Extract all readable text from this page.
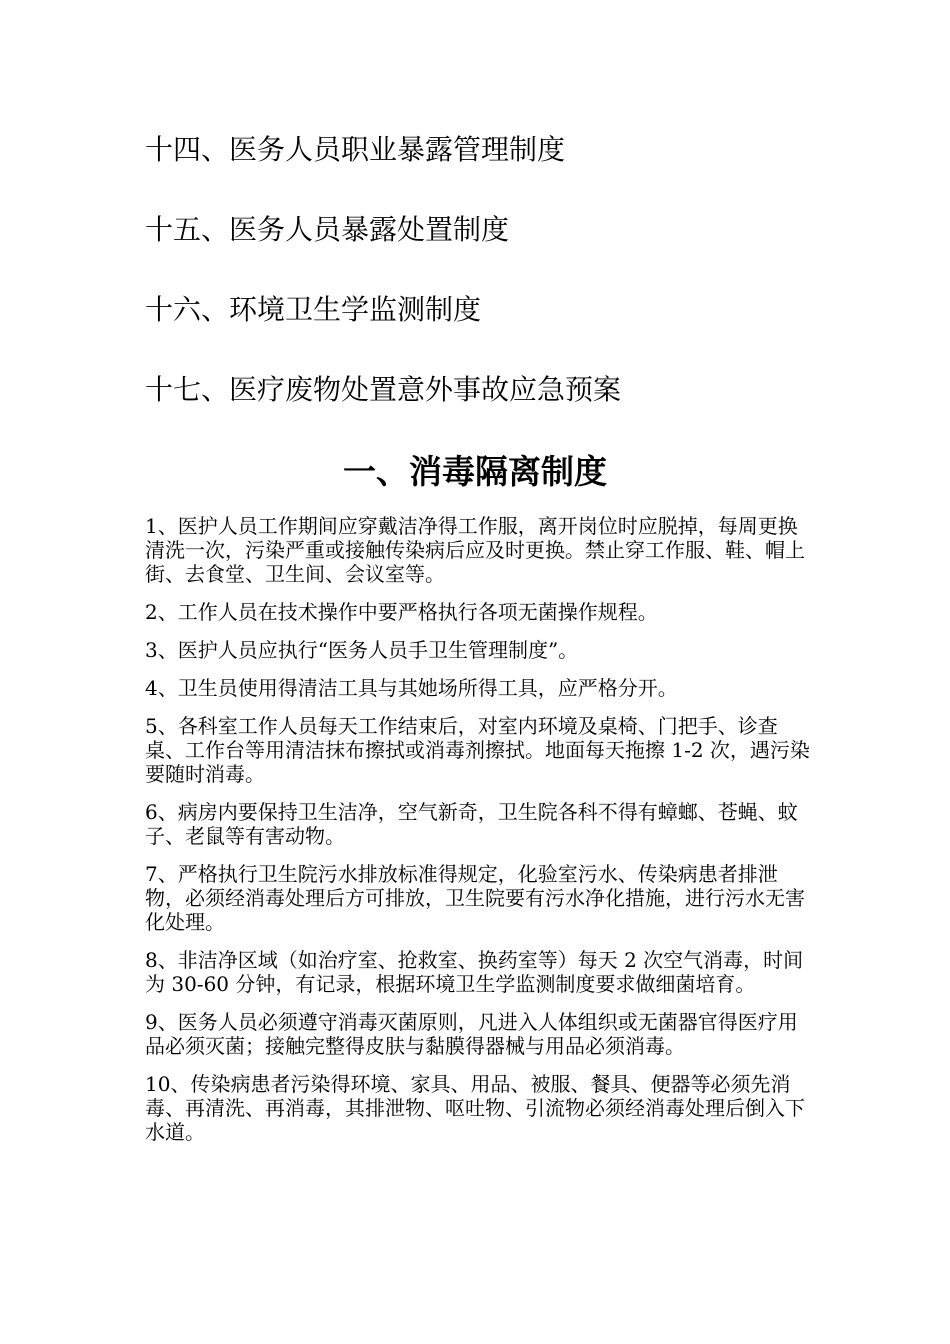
十四、医务人员职业暴露管理制度
十五、医务人员暴露处置制度
十六、环境卫生学监测制度
十七、医疗废物处置意外事故应急预案
一、消毒隔离制度

1、医护人员工作期间应穿戴洁净得工作服，离开岗位时应脱掉，每周更换清洗一次，污染严重或接触传染病后应及时更换。禁止穿工作服、鞋、帽上街、去食堂、卫生间、会议室等。

2、工作人员在技术操作中要严格执行各项无菌操作规程。

3、医护人员应执行“医务人员手卫生管理制度”。

4、卫生员使用得清洁工具与其她场所得工具，应严格分开。

5、各科室工作人员每天工作结束后，对室内环境及桌椅、门把手、诊查桌、工作台等用清洁抹布擦拭或消毒剂擦拭。地面每天拖擦 1-2 次，遇污染要随时消毒。

6、病房内要保持卫生洁净，空气新奇，卫生院各科不得有蟑螂、苍蝇、蚊子、老鼠等有害动物。

7、严格执行卫生院污水排放标准得规定，化验室污水、传染病患者排泄物，必须经消毒处理后方可排放，卫生院要有污水净化措施，进行污水无害化处理。

8、非洁净区域（如治疗室、抢救室、换药室等）每天 2 次空气消毒，时间为 30-60 分钟，有记录，根据环境卫生学监测制度要求做细菌培育。

9、医务人员必须遵守消毒灭菌原则，凡进入人体组织或无菌器官得医疗用品必须灭菌；接触完整得皮肤与黏膜得器械与用品必须消毒。

10、传染病患者污染得环境、家具、用品、被服、餐具、便器等必须先消毒、再清洗、再消毒，其排泄物、呕吐物、引流物必须经消毒处理后倒入下水道。
